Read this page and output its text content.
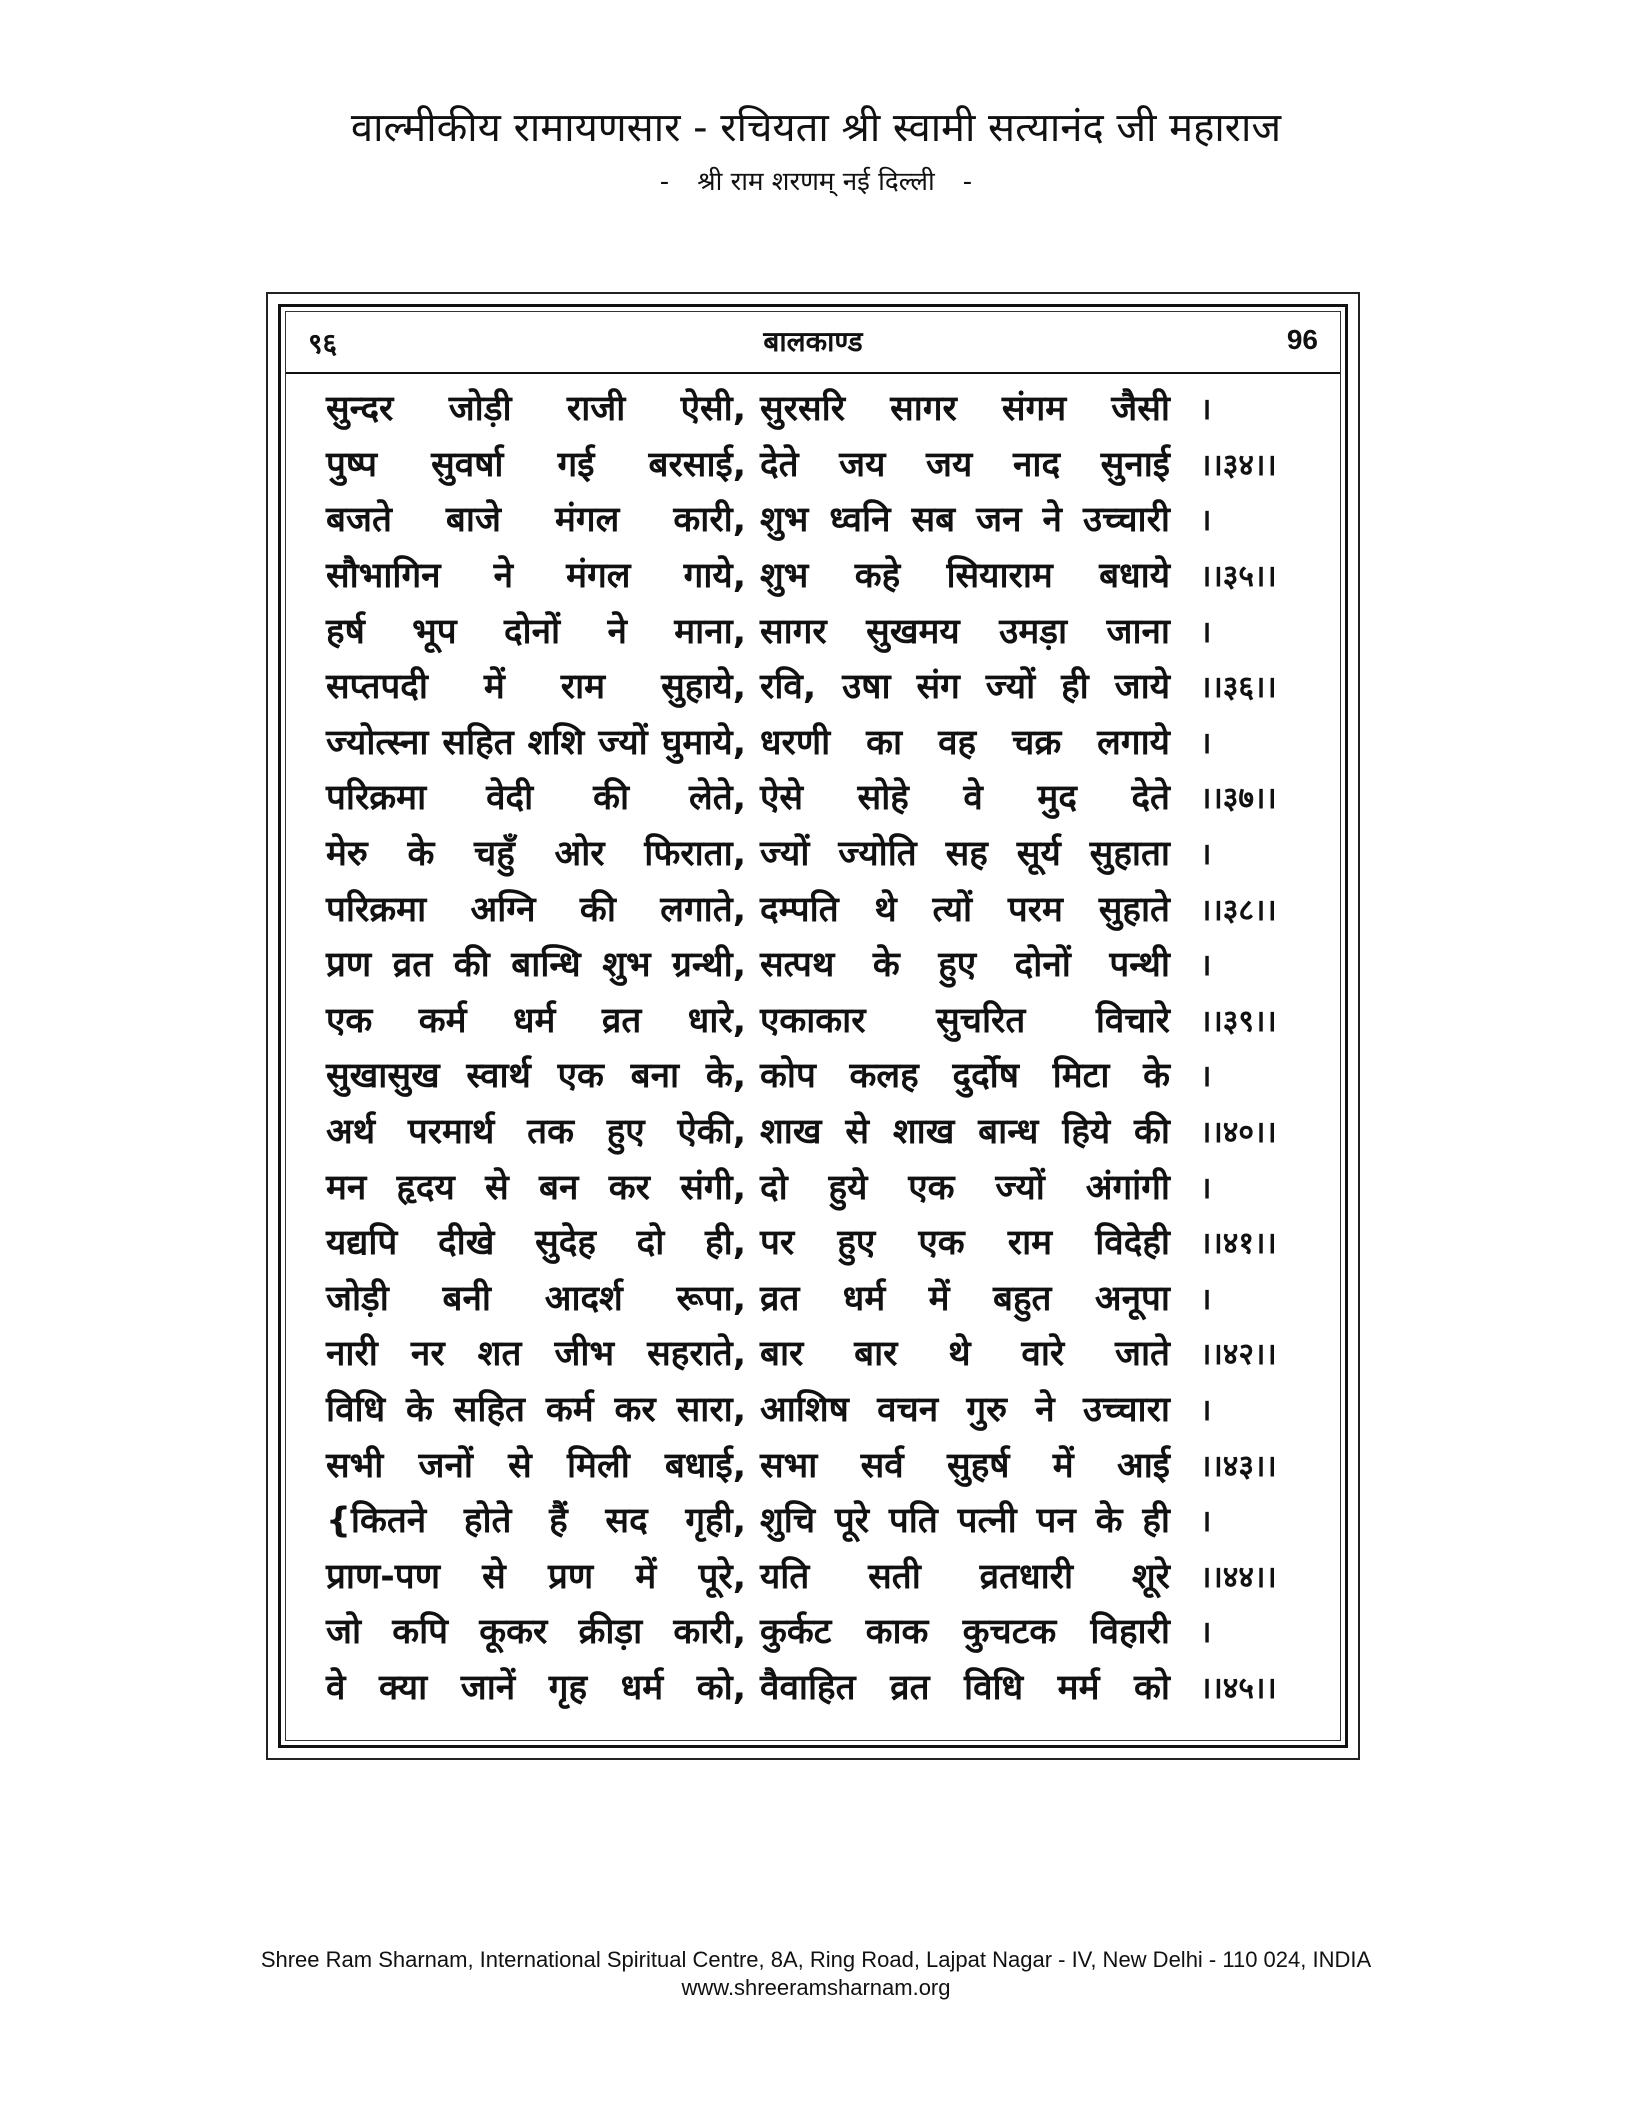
वाल्मीकीय रामायणसार - रचियता श्री स्वामी सत्यानंद जी महाराज
- श्री राम शरणम् नई दिल्ली -
९६	बालकाण्ड	96
सुन्दर जोड़ी राजी ऐसी, सुरसरि सागर संगम जैसी	।
पुष्प सुवर्षा गई बरसाई, देते जय जय नाद सुनाई	।।३४।।
बजते बाजे मंगल कारी, शुभ ध्वनि सब जन ने उच्चारी	।
सौभागिन ने मंगल गाये, शुभ कहे सियाराम बधाये	।।३५।।
हर्ष भूप दोनों ने माना, सागर सुखमय उमड़ा जाना	।
सप्तपदी में राम सुहाये, रवि, उषा संग ज्यों ही जाये	।।३६।।
ज्योत्स्ना सहित शशि ज्यों घुमाये, धरणी का वह चक्र लगाये	।
परिक्रमा वेदी की लेते, ऐसे सोहे वे मुद देते	।।३७।।
मेरु के चहुँ ओर फिराता, ज्यों ज्योति सह सूर्य सुहाता	।
परिक्रमा अग्नि की लगाते, दम्पति थे त्यों परम सुहाते	।।३८।।
प्रण व्रत की बान्धि शुभ ग्रन्थी, सत्पथ के हुए दोनों पन्थी	।
एक कर्म धर्म व्रत धारे, एकाकार सुचरित विचारे	।।३९।।
सुखासुख स्वार्थ एक बना के, कोप कलह दुर्दोष मिटा के	।
अर्थ परमार्थ तक हुए ऐकी, शाख से शाख बान्ध हिये की	।।४०।।
मन हृदय से बन कर संगी, दो हुये एक ज्यों अंगांगी	।
यद्यपि दीखे सुदेह दो ही, पर हुए एक राम विदेही	।।४१।।
जोड़ी बनी आदर्श रूपा, व्रत धर्म में बहुत अनूपा	।
नारी नर शत जीभ सहराते, बार बार थे वारे जाते	।।४२।।
विधि के सहित कर्म कर सारा, आशिष वचन गुरु ने उच्चारा	।
सभी जनों से मिली बधाई, सभा सर्व सुहर्ष में आई	।।४३।।
{कितने होते हैं सद गृही, शुचि पूरे पति पत्नी पन के ही	।
प्राण-पण से प्रण में पूरे, यति सती व्रतधारी शूरे	।।४४।।
जो कपि कूकर क्रीड़ा कारी, कुर्कट काक कुचटक विहारी	।
वे क्या जानें गृह धर्म को, वैवाहित व्रत विधि मर्म को	।।४५।।
Shree Ram Sharnam, International Spiritual Centre, 8A, Ring Road, Lajpat Nagar - IV, New Delhi - 110 024, INDIA
www.shreeramsharnam.org
